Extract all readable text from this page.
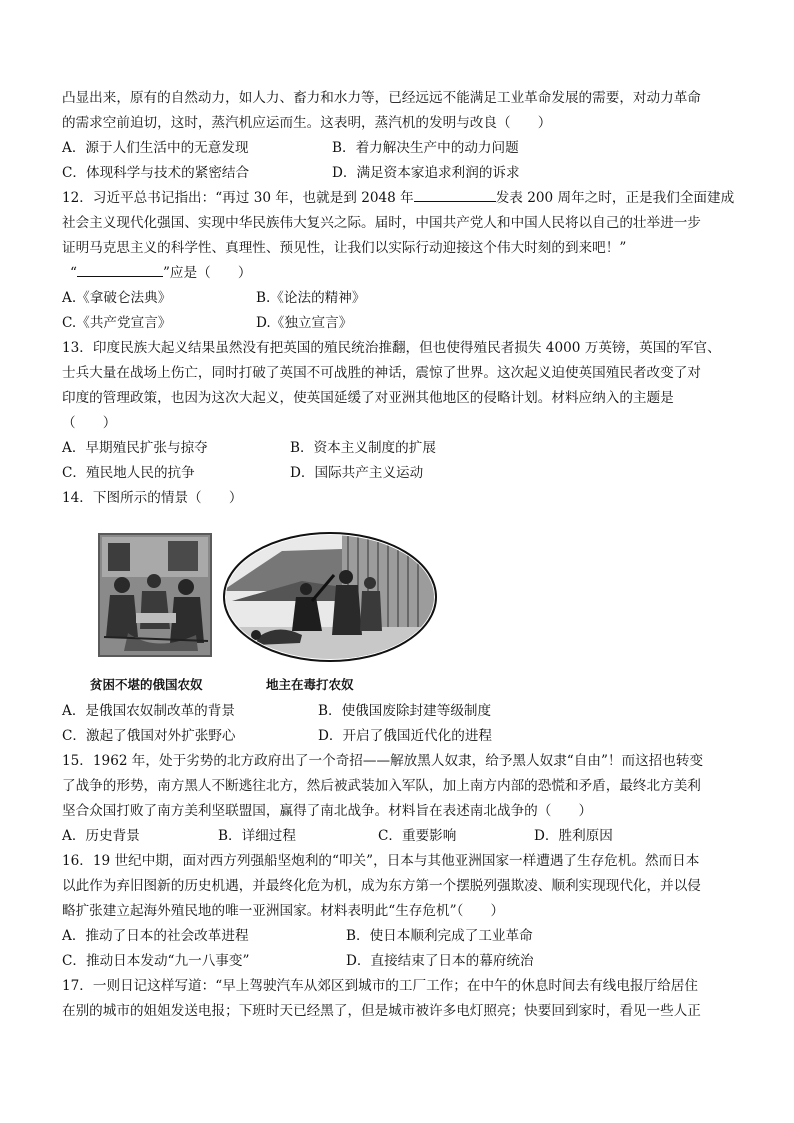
凸显出来，原有的自然动力，如人力、畜力和水力等，已经远远不能满足工业革命发展的需要，对动力革命
的需求空前迫切，这时，蒸汽机应运而生。这表明，蒸汽机的发明与改良（　　）
A．源于人们生活中的无意发现	B．着力解决生产中的动力问题
C．体现科学与技术的紧密结合	D．满足资本家追求利润的诉求
12．习近平总书记指出：“再过 30 年，也就是到 2048 年	发表 200 周年之时，正是我们全面建成
社会主义现代化强国、实现中华民族伟大复兴之际。届时，中国共产党人和中国人民将以自己的壮举进一步
证明马克思主义的科学性、真理性、预见性，让我们以实际行动迎接这个伟大时刻的到来吧！”
“	”应是（　　）
A.《拿破仑法典》	B.《论法的精神》
C.《共产党宣言》	D.《独立宣言》
13．印度民族大起义结果虽然没有把英国的殖民统治推翻，但也使得殖民者损失 4000 万英镑，英国的军官、
士兵大量在战场上伤亡，同时打破了英国不可战胜的神话，震惊了世界。这次起义迫使英国殖民者改变了对
印度的管理政策，也因为这次大起义，使英国延缓了对亚洲其他地区的侵略计划。材料应纳入的主题是
（　　）
A．早期殖民扩张与掠夺	B．资本主义制度的扩展
C．殖民地人民的抗争	D．国际共产主义运动
14．下图所示的情景（　　）
贫困不堪的俄国农奴	地主在毒打农奴
A．是俄国农奴制改革的背景	B．使俄国废除封建等级制度
C．激起了俄国对外扩张野心	D．开启了俄国近代化的进程
15．1962 年，处于劣势的北方政府出了一个奇招——解放黑人奴隶，给予黑人奴隶“自由”！而这招也转变
了战争的形势，南方黑人不断逃往北方，然后被武装加入军队，加上南方内部的恐慌和矛盾，最终北方美利
坚合众国打败了南方美利坚联盟国，赢得了南北战争。材料旨在表述南北战争的（　　）
A．历史背景	B．详细过程	C．重要影响	D．胜利原因
16．19 世纪中期，面对西方列强船坚炮利的“叩关”，日本与其他亚洲国家一样遭遇了生存危机。然而日本
以此作为弃旧图新的历史机遇，并最终化危为机，成为东方第一个摆脱列强欺凌、顺利实现现代化，并以侵
略扩张建立起海外殖民地的唯一亚洲国家。材料表明此“生存危机”（　　）
A．推动了日本的社会改革进程	B．使日本顺利完成了工业革命
C．推动日本发动“九一八事变”	D．直接结束了日本的幕府统治
17．一则日记这样写道：“早上驾驶汽车从郊区到城市的工厂工作；在中午的休息时间去有线电报厅给居住
在别的城市的姐姐发送电报；下班时天已经黑了，但是城市被许多电灯照亮；快要回到家时，看见一些人正
